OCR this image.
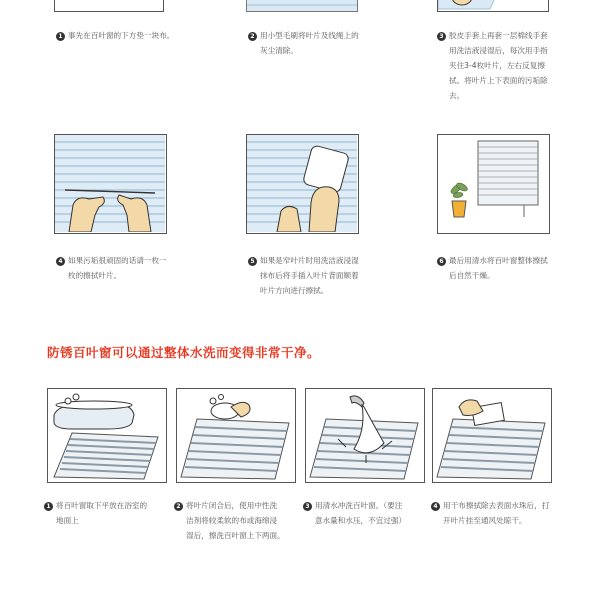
1 事先在百叶窗的下方垫一块布。	2 用小型毛刷将叶片及线绳上的
灰尘清除。
3 胶皮手套上再套一层棉线手套
用洗洁液浸湿后，每次用手指
夹住3-4枚叶片，左右反复擦
拭。将叶片上下表面的污垢除
去。
4 如果污垢很顽固的话请一枚一
枚的擦拭叶片。
5 如果是窄叶片时用洗洁液浸湿
抹布后将手插入叶片背面顺着
叶片方向进行擦拭。
6 最后用清水将百叶窗整体擦拭
后自然干燥。
防锈百叶窗可以通过整体水洗而变得非常干净。
1 将百叶窗取下平放在浴室的
地面上
2 将叶片闭合后，使用中性洗
洁剂将较柔软的布或海绵浸
湿后，擦洗百叶窗上下两面。
3 用清水冲洗百叶窗。（要注
意水量和水压，不宜过强）
4 用干布擦拭除去表面水珠后，打
开叶片挂至通风处晾干。
